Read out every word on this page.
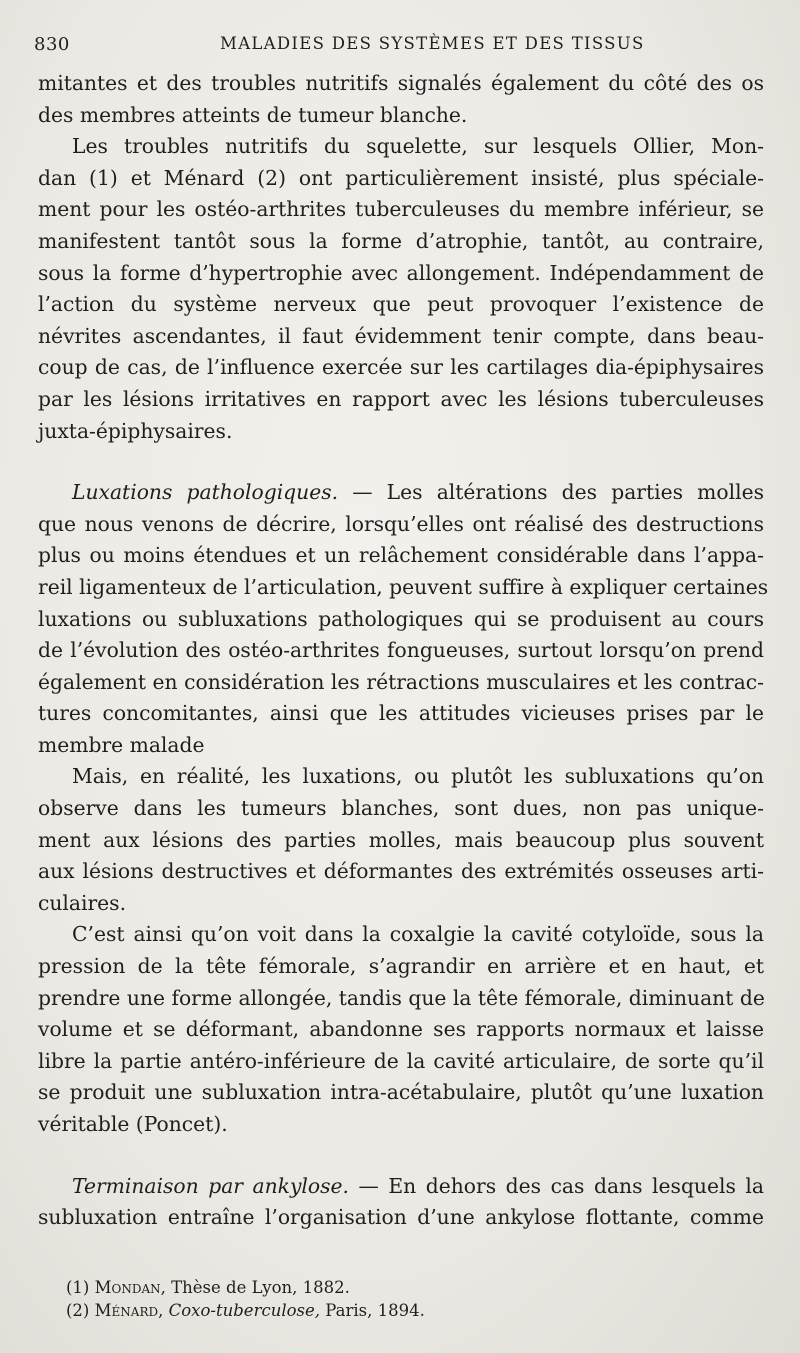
830	MALADIES DES SYSTÈMES ET DES TISSUS

mitantes et des troubles nutritifs signalés également du côté des os
des membres atteints de tumeur blanche.

Les troubles nutritifs du squelette, sur lesquels Ollier, Mon-
dan (1) et Ménard (2) ont particulièrement insisté, plus spéciale-
ment pour les ostéo-arthrites tuberculeuses du membre inférieur, se
manifestent tantôt sous la forme d’atrophie, tantôt, au contraire,
sous la forme d’hypertrophie avec allongement. Indépendamment de
l’action du système nerveux que peut provoquer l’existence de
névrites ascendantes, il faut évidemment tenir compte, dans beau-
coup de cas, de l’influence exercée sur les cartilages dia-épiphysaires
par les lésions irritatives en rapport avec les lésions tuberculeuses
juxta-épiphysaires.

Luxations pathologiques. — Les altérations des parties molles
que nous venons de décrire, lorsqu’elles ont réalisé des destructions
plus ou moins étendues et un relâchement considérable dans l’appa-
reil ligamenteux de l’articulation, peuvent suffire à expliquer certaines
luxations ou subluxations pathologiques qui se produisent au cours
de l’évolution des ostéo-arthrites fongueuses, surtout lorsqu’on prend
également en considération les rétractions musculaires et les contrac-
tures concomitantes, ainsi que les attitudes vicieuses prises par le
membre malade

Mais, en réalité, les luxations, ou plutôt les subluxations qu’on
observe dans les tumeurs blanches, sont dues, non pas unique-
ment aux lésions des parties molles, mais beaucoup plus souvent
aux lésions destructives et déformantes des extrémités osseuses arti-
culaires.

C’est ainsi qu’on voit dans la coxalgie la cavité cotyloïde, sous la
pression de la tête fémorale, s’agrandir en arrière et en haut, et
prendre une forme allongée, tandis que la tête fémorale, diminuant de
volume et se déformant, abandonne ses rapports normaux et laisse
libre la partie antéro-inférieure de la cavité articulaire, de sorte qu’il
se produit une subluxation intra-acétabulaire, plutôt qu’une luxation
véritable (Poncet).

Terminaison par ankylose. — En dehors des cas dans lesquels la
subluxation entraîne l’organisation d’une ankylose flottante, comme

(1) Mondan, Thèse de Lyon, 1882.
(2) Ménard, Coxo-tuberculose, Paris, 1894.
